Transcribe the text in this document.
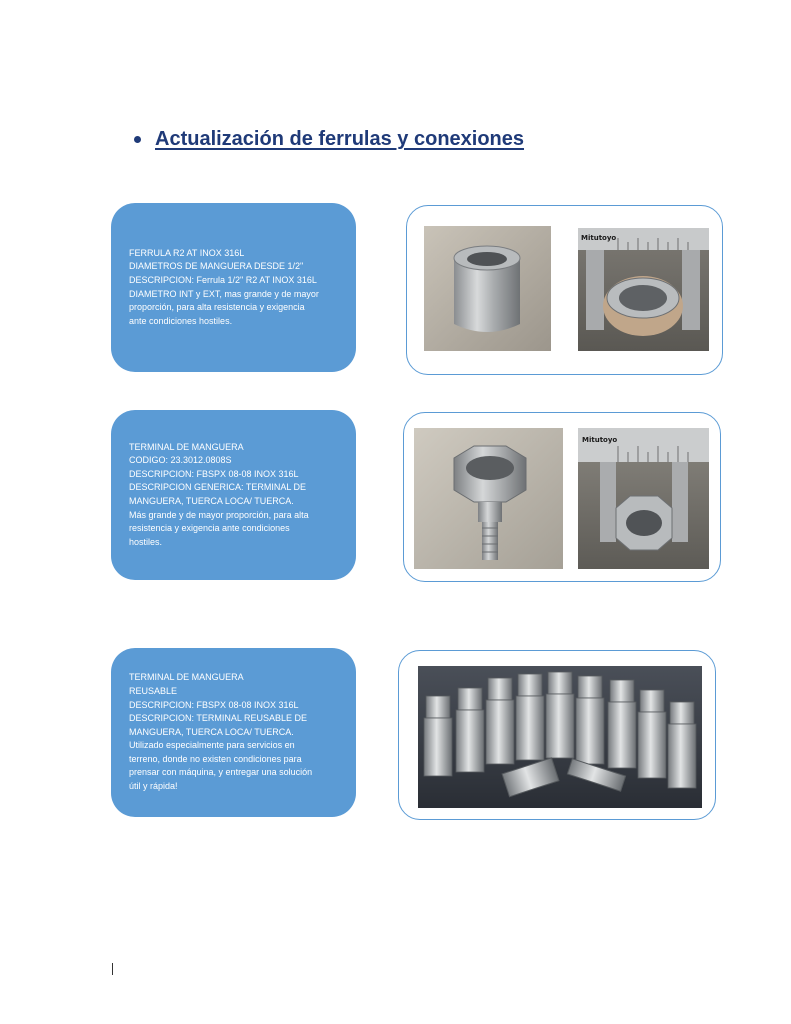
Actualización de ferrulas y conexiones
FERRULA R2 AT INOX 316L
DIAMETROS DE MANGUERA DESDE 1/2"
DESCRIPCION: Ferrula 1/2" R2 AT INOX 316L
DIAMETRO INT y EXT, mas grande y de mayor
proporción, para alta resistencia y exigencia
ante condiciones hostiles.
Mitutoyo
TERMINAL DE MANGUERA
CODIGO: 23.3012.0808S
DESCRIPCION: FBSPX 08-08 INOX 316L
DESCRIPCION GENERICA: TERMINAL DE
MANGUERA, TUERCA LOCA/ TUERCA.
Más grande y de mayor proporción, para alta
resistencia y exigencia ante condiciones
hostiles.
Mitutoyo
TERMINAL DE MANGUERA
REUSABLE
DESCRIPCION: FBSPX 08-08 INOX 316L
DESCRIPCION: TERMINAL REUSABLE DE
MANGUERA, TUERCA LOCA/ TUERCA.
Utilizado especialmente para servicios en
terreno, donde no existen condiciones para
prensar con máquina, y entregar una solución
útil y rápida!
